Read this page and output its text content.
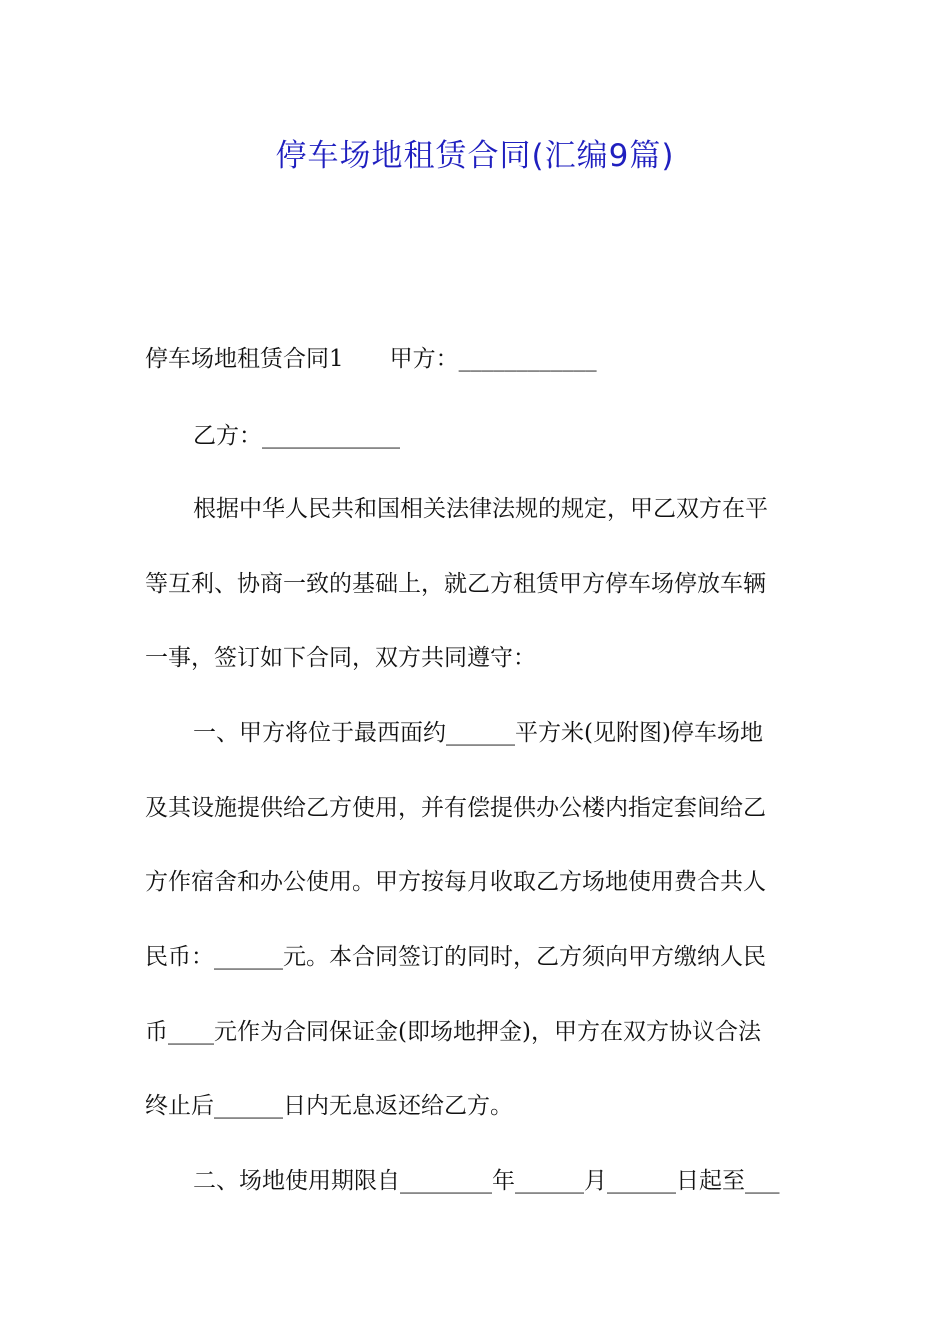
停车场地租赁合同(汇编9篇)

停车场地租赁合同1　　甲方：____________

乙方：____________

根据中华人民共和国相关法律法规的规定，甲乙双方在平

等互利、协商一致的基础上，就乙方租赁甲方停车场停放车辆

一事，签订如下合同，双方共同遵守：

一、甲方将位于最西面约______平方米(见附图)停车场地

及其设施提供给乙方使用，并有偿提供办公楼内指定套间给乙

方作宿舍和办公使用。甲方按每月收取乙方场地使用费合共人

民币：______元。本合同签订的同时，乙方须向甲方缴纳人民

币____元作为合同保证金(即场地押金)，甲方在双方协议合法

终止后______日内无息返还给乙方。

二、场地使用期限自________年______月______日起至___
